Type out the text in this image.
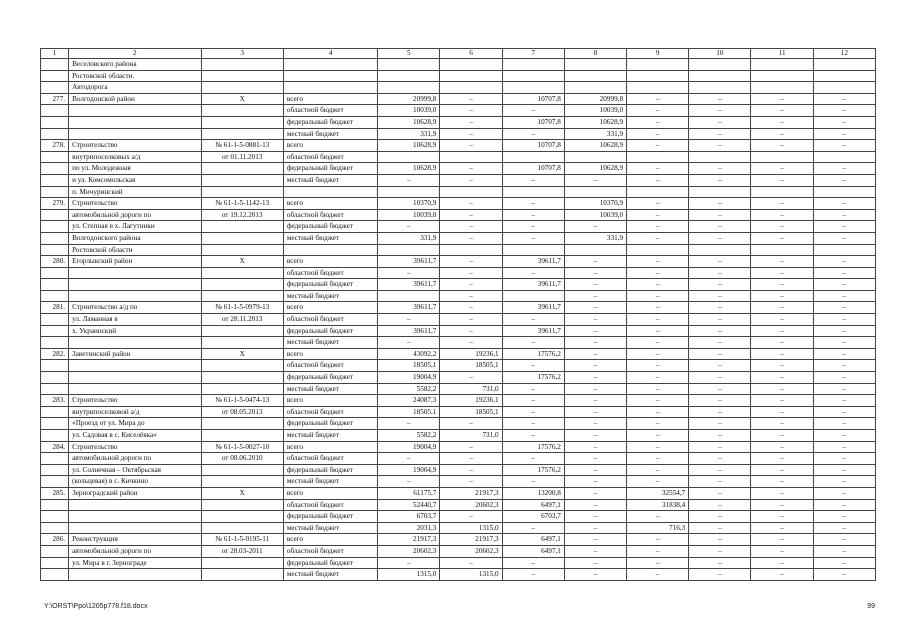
1	2	3	4	5	6	7	8	9	10	11	12
	Веселовского района										
	Ростовской области.										
	Автодорога										
277.	Волгодонской район	Х	всего	20999,8	–	10707,8	20999,8	–	–	–	–
			областной бюджет	10039,0	–	–	10039,0	–	–	–	–
			федеральный бюджет	10628,9	–	10707,8	10628,9	–	–	–	–
			местный бюджет	331,9	–	–	331,9	–	–	–	–
278.	Строительство	№ 61-1-5-0881-13	всего	10628,9	–	10707,8	10628,9	–	–	–	–
	внутрипоселковых а/д	от 01.11.2013	областной бюджет								
	по ул. Молодежная		федеральный бюджет	10628,9	–	10707,8	10628,9	–	–	–	–
	и ул. Комсомольская		местный бюджет	–	–	–	–	–	–	–	–
	п. Мичуринский										
279.	Строительство	№ 61-1-5-1142-13	всего	10370,9	–	–	10370,9	–	–	–	–
	автомобильной дороги по	от 19.12.2013	областной бюджет	10039,0	–	–	10039,0	–	–	–	–
	ул. Степная в х. Лагутники		федеральный бюджет	–	–	–	–	–	–	–	–
	Волгодонского района		местный бюджет	331,9	–	–	331,9	–	–	–	–
	Ростовской области										
280.	Егорлыкский район	Х	всего	39611,7	–	39611,7	–	–	–	–	–
			областной бюджет	–	–	–	–	–	–	–	–
			федеральный бюджет	39611,7	–	39611,7	–	–	–	–	–
			местный бюджет		–		–	–	–	–	–
281.	Строительство а/д по	№ 61-1-5-0979-13	всего	39611,7	–	39611,7	–	–	–	–	–
	ул. Ламанная в	от 28.11.2013	областной бюджет	–	–	–	–	–	–	–	–
	х. Украинский		федеральный бюджет	39611,7	–	39611,7	–	–	–	–	–
			местный бюджет	–	–	–	–	–	–	–	–
282.	Заветинский район	Х	всего	43092,2	19236,1	17576,2	–	–	–	–	–
			областной бюджет	18505,1	18505,1	–	–	–	–	–	–
			федеральный бюджет	19004,9	–	17576,2	–	–	–	–	–
			местный бюджет	5582,2	731,0	–	–	–	–	–	–
283.	Строительство	№ 61-1-5-0474-13	всего	24087,3	19236,1	–	–	–	–	–	–
	внутрипоселковой а/д	от 08.05.2013	областной бюджет	18505,1	18505,1	–	–	–	–	–	–
	«Проезд от ул. Мира до		федеральный бюджет	–	–	–	–	–	–	–	–
	ул. Садовая в с. Киселёвка»		местный бюджет	5582,2	731,0	–	–	–	–	–	–
284.	Строительство	№ 61-1-5-0027-10	всего	19004,9	–	17576,2	–	–	–	–	–
	автомобильной дороги по	от 08.06.2010	областной бюджет	–	–	–	–	–	–	–	–
	ул. Солнечная – Октябрьская		федеральный бюджет	19004,9	–	17576,2	–	–	–	–	–
	(кольцевая) в с. Кичкино		местный бюджет	–	–	–	–	–	–	–	–
285.	Зерноградский район	Х	всего	61175,7	21917,3	13200,8	–	32554,7	–	–	–
			областной бюджет	52440,7	20602,3	6497,1	–	31838,4	–	–	–
			федеральный бюджет	6703,7	–	6703,7	–	–	–	–	–
			местный бюджет	2031,3	1315,0	–	–	716,3	–	–	–
286.	Реконструкция	№ 61-1-5-0195-11	всего	21917,3	21917,3	6497,1	–	–	–	–	–
	автомобильной дороги по	от 28.03-2011	областной бюджет	20602,3	20602,3	6497,1	–	–	–	–	–
	ул. Мира в г. Зернограде		федеральный бюджет	–	–	–	–	–	–	–	–
			местный бюджет	1315,0	1315,0	–	–	–	–	–	–
Y:\ORST\Ppo\1205p778.f18.docx	99
